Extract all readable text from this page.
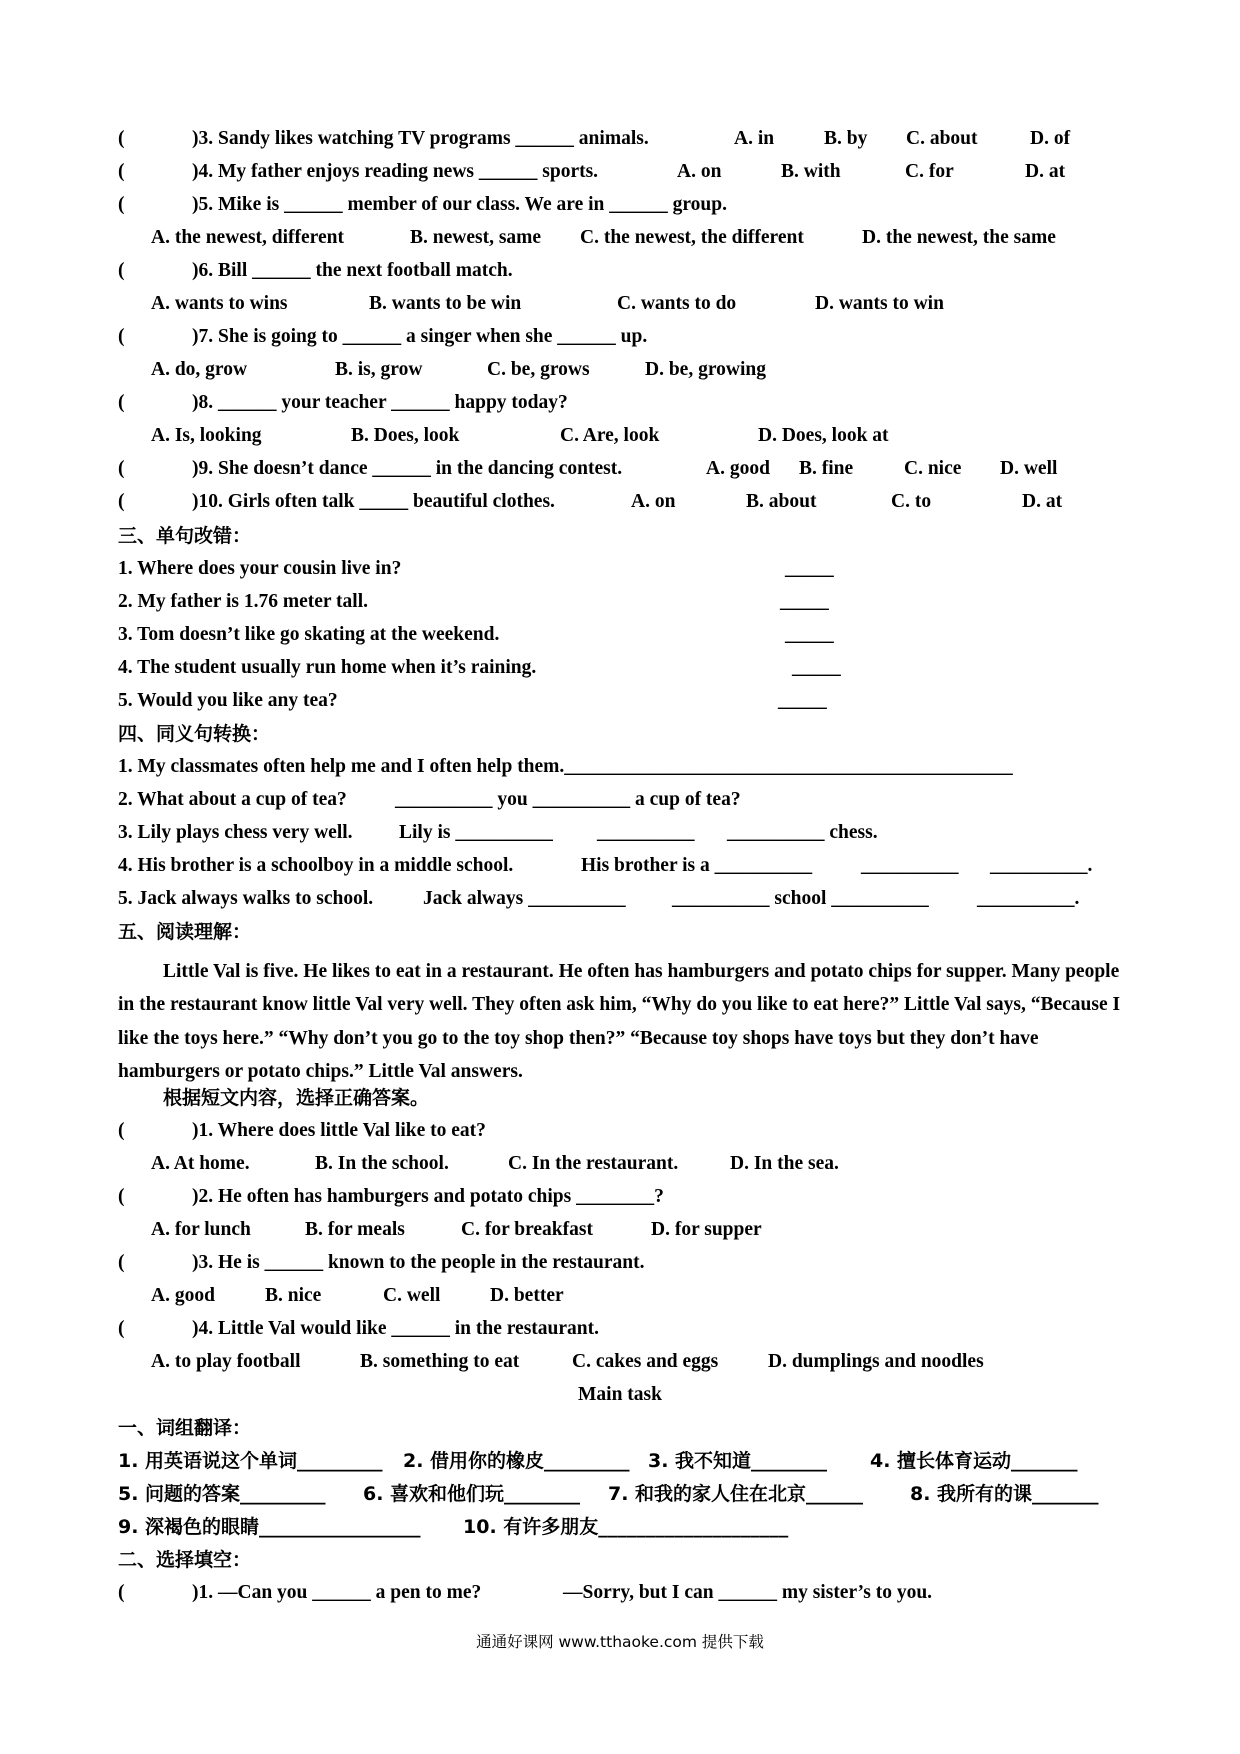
(

	)3. Sandy likes watching TV programs ______ animals.

	A. in

	B. by

C. about

	D. of

(

	)4. My father enjoys reading news ______ sports.

	A. on

	B. with

	C. for

	D. at

(

	)5. Mike is ______ member of our class. We are in ______ group.

A. the newest, different

	B. newest, same

C. the newest, the different

	D. the newest, the same

(

	)6. Bill ______ the next football match.

A. wants to wins

	B. wants to be win

	C. wants to do

	D. wants to win

(

	)7. She is going to ______ a singer when she ______ up.

A. do, grow

	B. is, grow

	C. be, grows

	D. be, growing

(

	)8. ______ your teacher ______ happy today?

A. Is, looking

	B. Does, look

	C. Are, look

	D. Does, look at

(

	)9. She doesn’t dance ______ in the dancing contest.

	A. good

B. fine

	C. nice

D. well

(

	)10. Girls often talk _____ beautiful clothes.

	A. on

	B. about

	C. to

	D. at

三、单句改错：

1. Where does your cousin live in?

	_____

2. My father is 1.76 meter tall.

	_____

3. Tom doesn’t like go skating at the weekend.

	_____

4. The student usually run home when it’s raining.

	_____

5. Would you like any tea?

	_____

四、同义句转换：

1. My classmates often help me and I often help them.______________________________________________

2. What about a cup of tea?

__________ you __________ a cup of tea?

3. Lily plays chess very well.

Lily is __________

__________

__________ chess.

4. His brother is a schoolboy in a middle school.

	His brother is a __________

	__________

__________.

5. Jack always walks to school.

	Jack always __________

__________ school __________

__________.

五、阅读理解：

Little Val is five. He likes to eat in a restaurant. He often has hamburgers and potato chips for supper. Many people in the restaurant know little Val very well. They often ask him, “Why do you like to eat here?” Little Val says, “Because I like the toys here.” “Why don’t you go to the toy shop then?” “Because toy shops have toys but they don’t have hamburgers or potato chips.” Little Val answers.

根据短文内容，选择正确答案。

(

	)1. Where does little Val like to eat?

A. At home.

	B. In the school.

	C. In the restaurant.

	D. In the sea.

(

	)2. He often has hamburgers and potato chips ________?

A. for lunch

	B. for meals

	C. for breakfast

	D. for supper

(

	)3. He is ______ known to the people in the restaurant.

A. good

	B. nice

	C. well

	D. better

(

	)4. Little Val would like ______ in the restaurant.

A. to play football

	B. something to eat

	C. cakes and eggs

	D. dumplings and noodles

Main task

一、词组翻译：

1. 用英语说这个单词_________

2. 借用你的橡皮_________

3. 我不知道________

4. 擅长体育运动_______

5. 问题的答案_________

6. 喜欢和他们玩________

7. 和我的家人住在北京______

8. 我所有的课_______

9. 深褐色的眼睛_________________

10. 有许多朋友____________________

二、选择填空：

(

	)1. —Can you ______ a pen to me?

	—Sorry, but I can ______ my sister’s to you.

通通好课网 www.tthaoke.com 提供下载
